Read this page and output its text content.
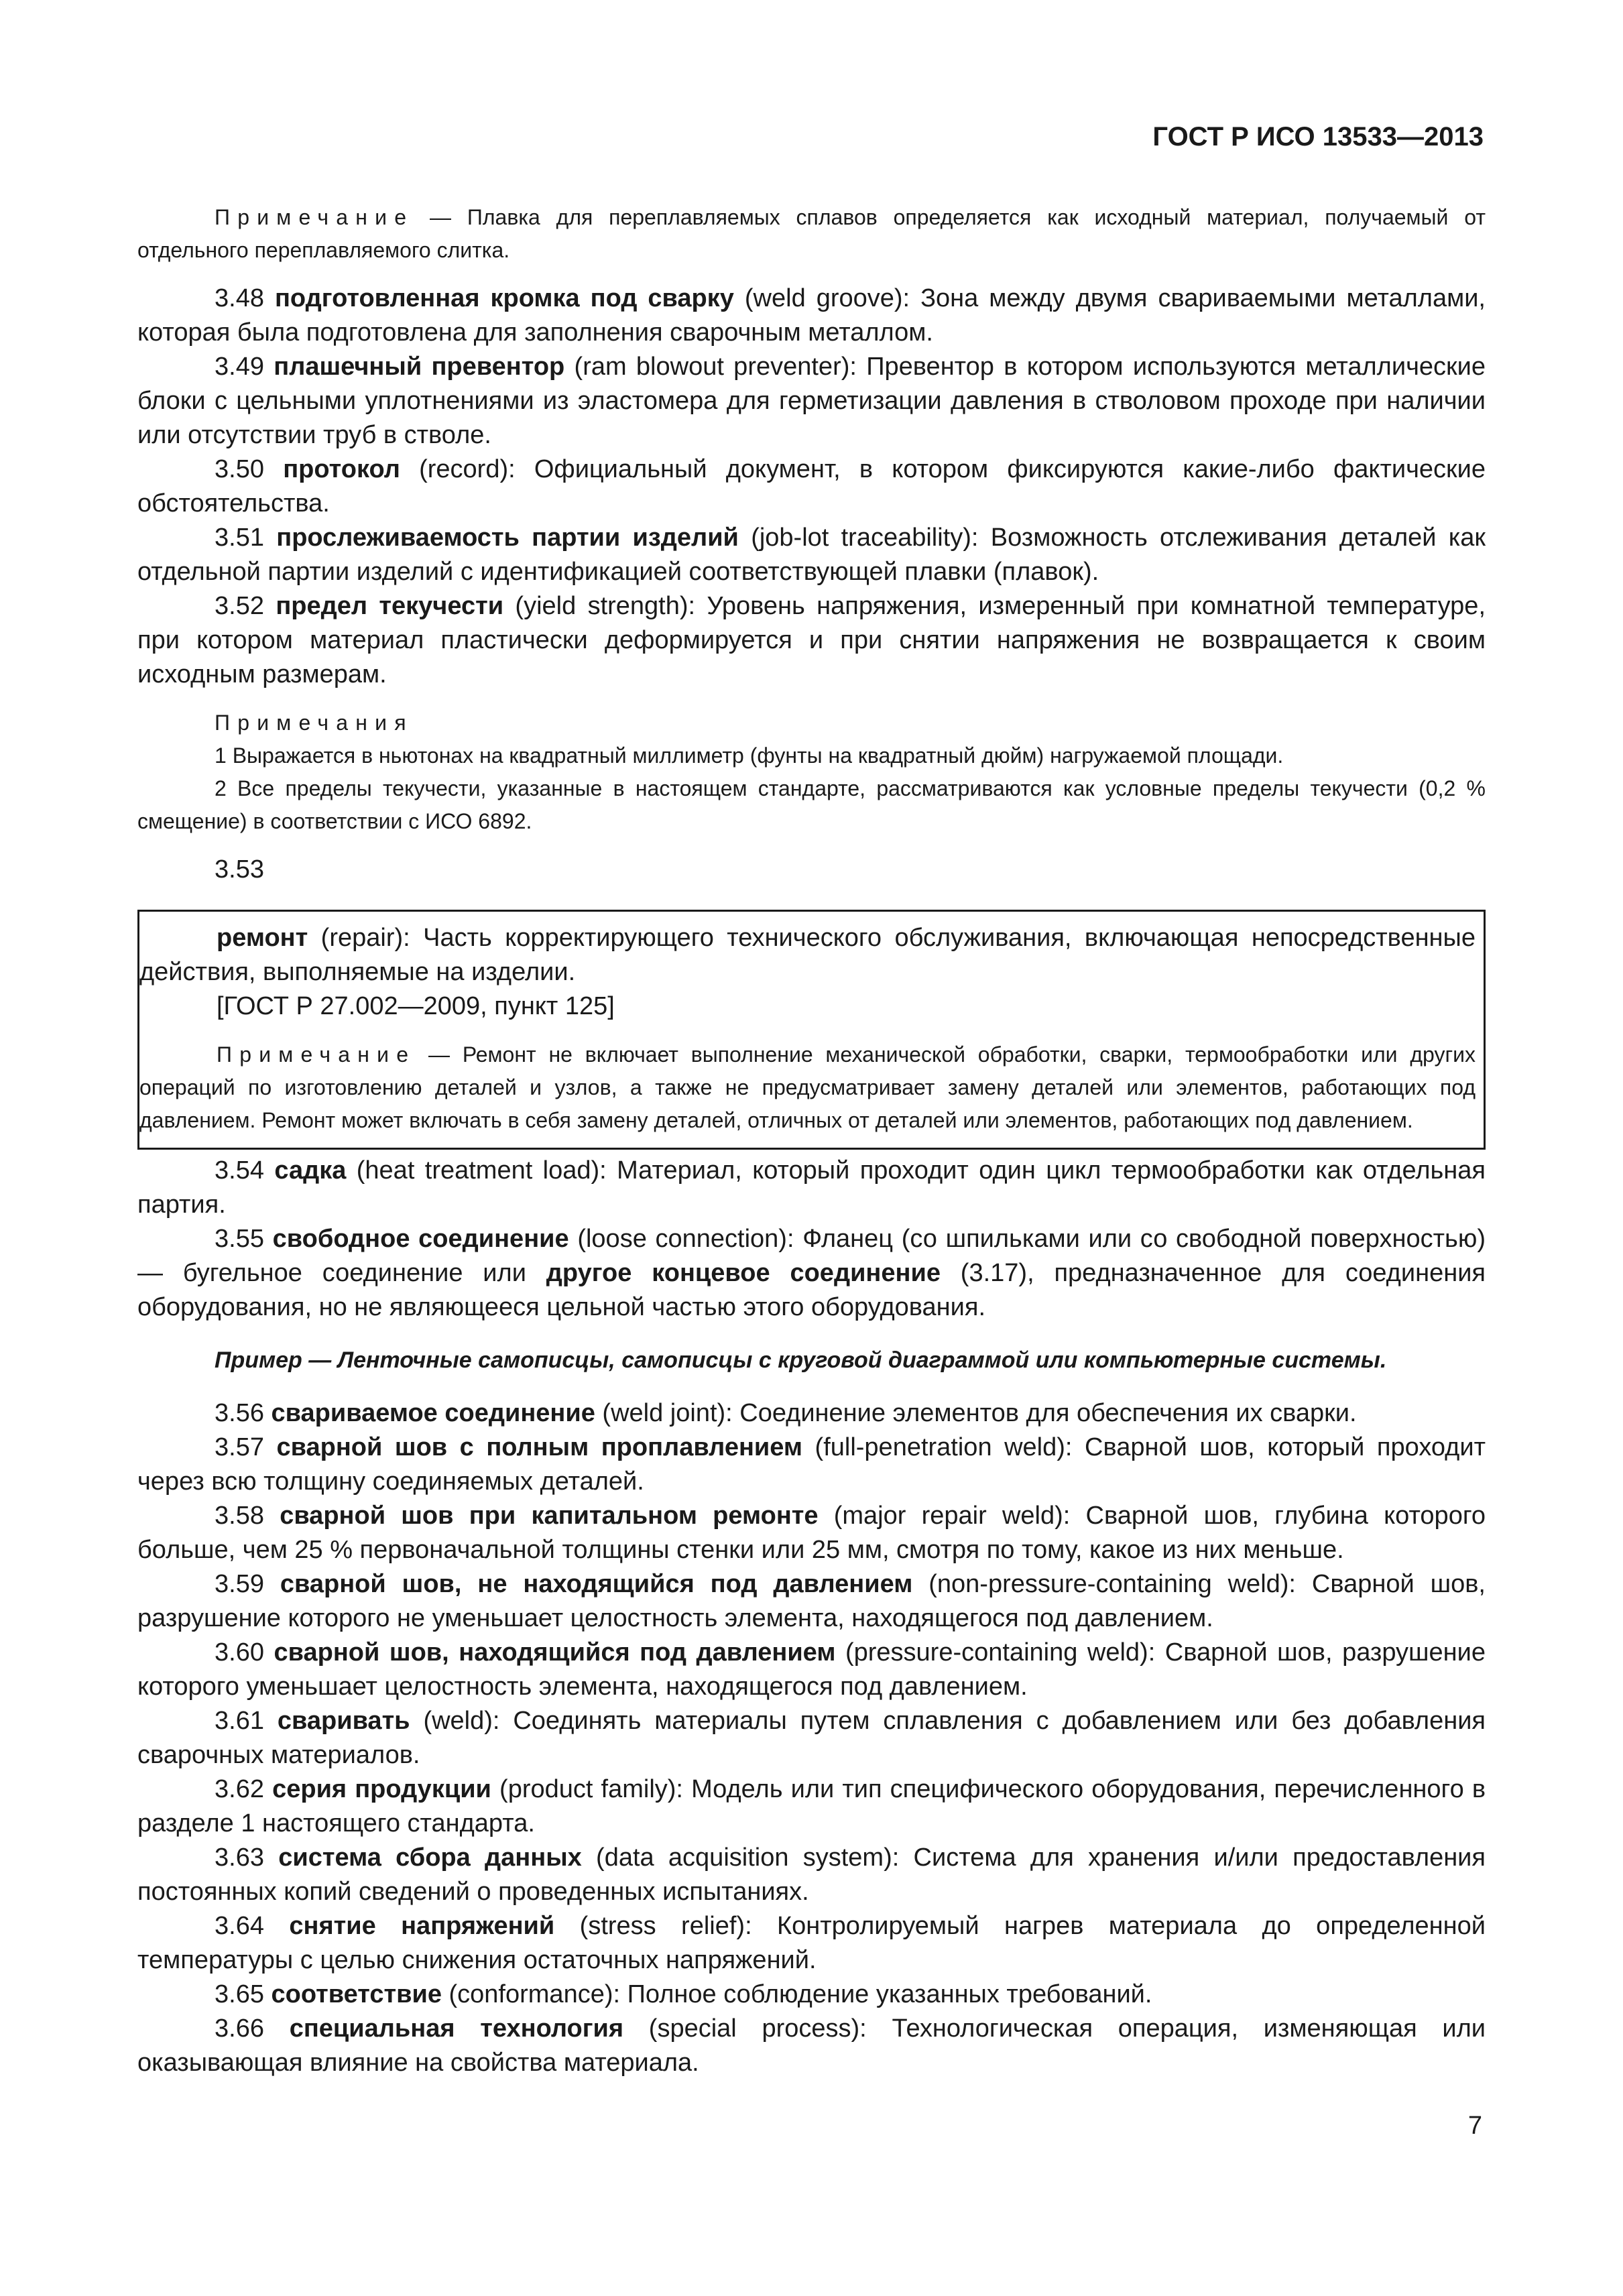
ГОСТ Р ИСО 13533—2013

Примечание — Плавка для переплавляемых сплавов определяется как исходный материал, получаемый от отдельного переплавляемого слитка.

3.48 подготовленная кромка под сварку (weld groove): Зона между двумя свариваемыми металлами, которая была подготовлена для заполнения сварочным металлом.

3.49 плашечный превентор (ram blowout preventer): Превентор в котором используются металлические блоки с цельными уплотнениями из эластомера для герметизации давления в стволовом проходе при наличии или отсутствии труб в стволе.

3.50 протокол (record): Официальный документ, в котором фиксируются какие-либо фактические обстоятельства.

3.51 прослеживаемость партии изделий (job-lot traceability): Возможность отслеживания деталей как отдельной партии изделий с идентификацией соответствующей плавки (плавок).

3.52 предел текучести (yield strength): Уровень напряжения, измеренный при комнатной температуре, при котором материал пластически деформируется и при снятии напряжения не возвращается к своим исходным размерам.

Примечания

1 Выражается в ньютонах на квадратный миллиметр (фунты на квадратный дюйм) нагружаемой площади.

2 Все пределы текучести, указанные в настоящем стандарте, рассматриваются как условные пределы текучести (0,2 % смещение) в соответствии с ИСО 6892.

3.53

ремонт (repair): Часть корректирующего технического обслуживания, включающая непосредственные действия, выполняемые на изделии.

[ГОСТ Р 27.002—2009, пункт 125]

Примечание — Ремонт не включает выполнение механической обработки, сварки, термообработки или других операций по изготовлению деталей и узлов, а также не предусматривает замену деталей или элементов, работающих под давлением. Ремонт может включать в себя замену деталей, отличных от деталей или элементов, работающих под давлением.

3.54 садка (heat treatment load): Материал, который проходит один цикл термообработки как отдельная партия.

3.55 свободное соединение (loose connection): Фланец (со шпильками или со свободной поверхностью) — бугельное соединение или другое концевое соединение (3.17), предназначенное для соединения оборудования, но не являющееся цельной частью этого оборудования.

Пример — Ленточные самописцы, самописцы с круговой диаграммой или компьютерные системы.

3.56 свариваемое соединение (weld joint): Соединение элементов для обеспечения их сварки.

3.57 сварной шов с полным проплавлением (full-penetration weld): Сварной шов, который проходит через всю толщину соединяемых деталей.

3.58 сварной шов при капитальном ремонте (major repair weld): Сварной шов, глубина которого больше, чем 25 % первоначальной толщины стенки или 25 мм, смотря по тому, какое из них меньше.

3.59 сварной шов, не находящийся под давлением (non-pressure-containing weld): Сварной шов, разрушение которого не уменьшает целостность элемента, находящегося под давлением.

3.60 сварной шов, находящийся под давлением (pressure-containing weld): Сварной шов, разрушение которого уменьшает целостность элемента, находящегося под давлением.

3.61 сваривать (weld): Соединять материалы путем сплавления с добавлением или без добавления сварочных материалов.

3.62 серия продукции (product family): Модель или тип специфического оборудования, перечисленного в разделе 1 настоящего стандарта.

3.63 система сбора данных (data acquisition system): Система для хранения и/или предоставления постоянных копий сведений о проведенных испытаниях.

3.64 снятие напряжений (stress relief): Контролируемый нагрев материала до определенной температуры с целью снижения остаточных напряжений.

3.65 соответствие (conformance): Полное соблюдение указанных требований.

3.66 специальная технология (special process): Технологическая операция, изменяющая или оказывающая влияние на свойства материала.

7
